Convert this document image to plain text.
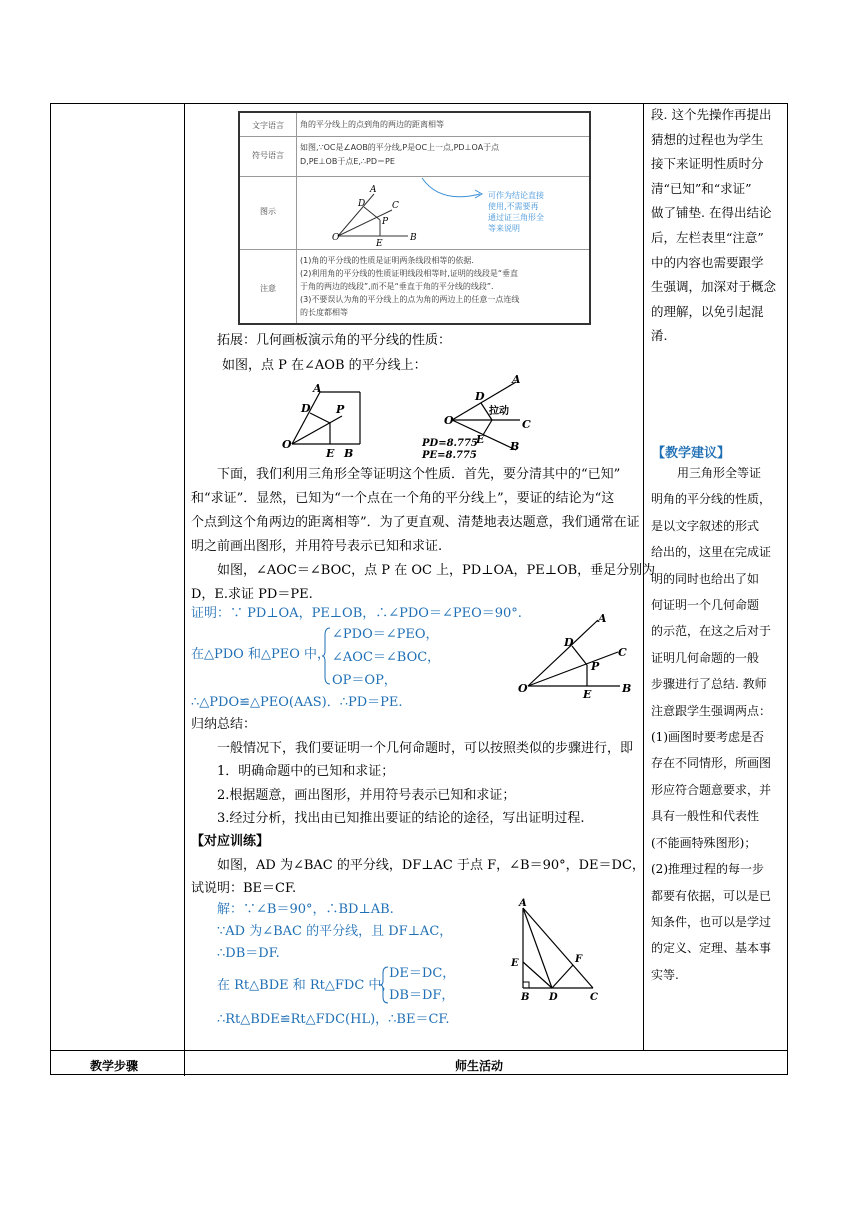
文字语言	角的平分线上的点到角的两边的距离相等
符号语言
如图,∵OC是∠AOB的平分线,P是OC上一点,PD⊥OA于点
D,PE⊥OB于点E,∴PD＝PE
图示
O	B
A
C
D
P
E
可作为结论直接
使用,不需要再
通过证三角形全
等来说明
注意
(1)角的平分线的性质是证明两条线段相等的依据.
(2)利用角的平分线的性质证明线段相等时,证明的线段是“垂直
于角的两边的线段”,而不是“垂直于角的平分线的线段”.
(3)不要误认为角的平分线上的点为角的两边上的任意一点连线
的长度都相等
拓展：几何画板演示角的平分线的性质：
如图，点 P 在∠AOB 的平分线上：
O
A
D P
E B
O
A
D
拉动
C
E
B
PD=8.775
PE=8.775
下面，我们利用三角形全等证明这个性质．首先，要分清其中的“已知”
和“求证”．显然，已知为“一个点在一个角的平分线上”，要证的结论为“这
个点到这个角两边的距离相等”．为了更直观、清楚地表达题意，我们通常在证
明之前画出图形，并用符号表示已知和求证.
如图，∠AOC＝∠BOC，点 P 在 OC 上，PD⊥OA，PE⊥OB，垂足分别为
D，E.求证 PD＝PE.
证明：∵ PD⊥OA，PE⊥OB，∴∠PDO＝∠PEO＝90°.
在△PDO 和△PEO 中，
∠PDO＝∠PEO，
∠AOC＝∠BOC，
OP＝OP，
∴△PDO≌△PEO(AAS)．∴PD＝PE.
O	B
A
C
D
P
E
归纳总结：
一般情况下，我们要证明一个几何命题时，可以按照类似的步骤进行，即
1．明确命题中的已知和求证；
2.根据题意，画出图形，并用符号表示已知和求证；
3.经过分析，找出由已知推出要证的结论的途径，写出证明过程.
【对应训练】
如图，AD 为∠BAC 的平分线，DF⊥AC 于点 F，∠B＝90°，DE＝DC，
试说明：BE＝CF.
解：∵∠B＝90°，∴BD⊥AB.
∵AD 为∠BAC 的平分线，且 DF⊥AC，
∴DB＝DF.
在 Rt△BDE 和 Rt△FDC 中，
DE＝DC，
DB＝DF，
∴Rt△BDE≌Rt△FDC(HL)，∴BE＝CF.
A
E
B D	C
F
段. 这个先操作再提出
猜想的过程也为学生
接下来证明性质时分
清“已知”和“求证”
做了铺垫. 在得出结论
后，左栏表里“注意”
中的内容也需要跟学
生强调，加深对于概念
的理解，以免引起混
淆.
【教学建议】
用三角形全等证
明角的平分线的性质，
是以文字叙述的形式
给出的，这里在完成证
明的同时也给出了如
何证明一个几何命题
的示范，在这之后对于
证明几何命题的一般
步骤进行了总结. 教师
注意跟学生强调两点：
(1)画图时要考虑是否
存在不同情形，所画图
形应符合题意要求，并
具有一般性和代表性
(不能画特殊图形)；
(2)推理过程的每一步
都要有依据，可以是已
知条件，也可以是学过
的定义、定理、基本事
实等.
教学步骤	师生活动
